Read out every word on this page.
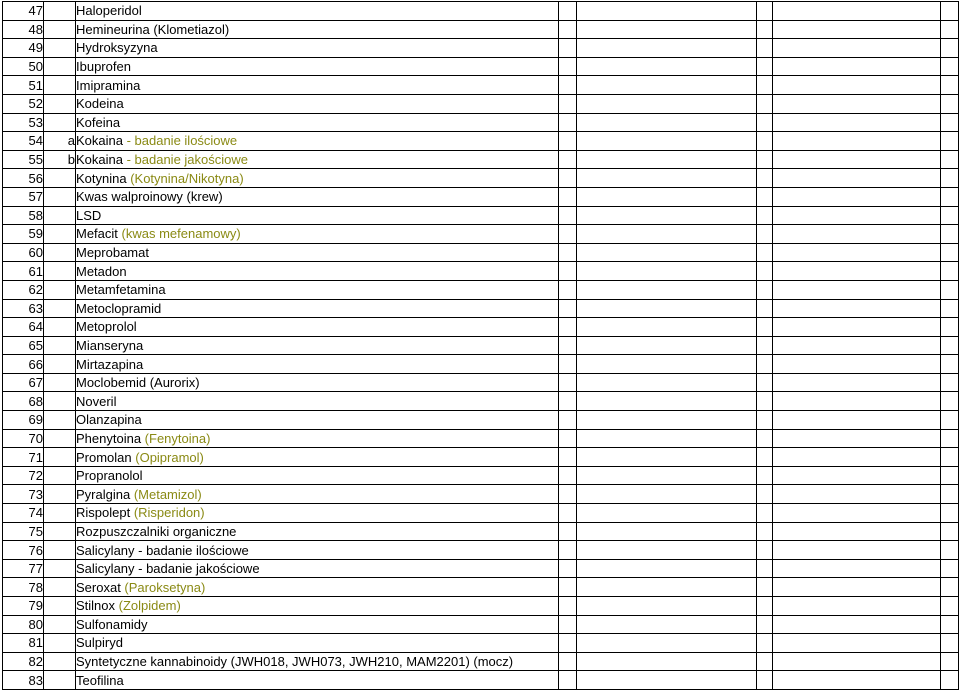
47		Haloperidol					
48		Hemineurina (Klometiazol)					
49		Hydroksyzyna					
50		Ibuprofen					
51		Imipramina					
52		Kodeina					
53		Kofeina					
54	a	Kokaina - badanie ilościowe					
55	b	Kokaina - badanie jakościowe					
56		Kotynina (Kotynina/Nikotyna)					
57		Kwas walproinowy (krew)					
58		LSD					
59		Mefacit (kwas mefenamowy)					
60		Meprobamat					
61		Metadon					
62		Metamfetamina					
63		Metoclopramid					
64		Metoprolol					
65		Mianseryna					
66		Mirtazapina					
67		Moclobemid (Aurorix)					
68		Noveril					
69		Olanzapina					
70		Phenytoina (Fenytoina)					
71		Promolan (Opipramol)					
72		Propranolol					
73		Pyralgina (Metamizol)					
74		Rispolept (Risperidon)					
75		Rozpuszczalniki organiczne					
76		Salicylany - badanie ilościowe					
77		Salicylany - badanie jakościowe					
78		Seroxat (Paroksetyna)					
79		Stilnox (Zolpidem)					
80		Sulfonamidy					
81		Sulpiryd					
82		Syntetyczne kannabinoidy (JWH018, JWH073, JWH210, MAM2201) (mocz)					
83		Teofilina					
